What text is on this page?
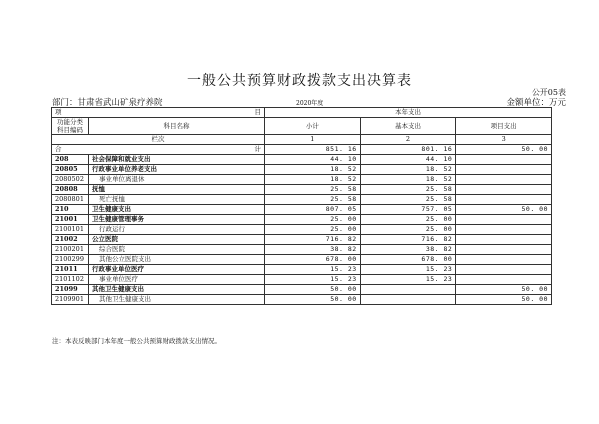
一般公共预算财政拨款支出决算表
公开05表
部门：甘肃省武山矿泉疗养院	2020年度	金额单位：万元
项 目		本年支出		
功能分类
科目编码	科目名称	小计	基本支出	项目支出
栏次		1	2	3
合 计		851. 16	801. 16	50. 00
208	社会保障和就业支出	44. 10	44. 10	
20805	行政事业单位养老支出	18. 52	18. 52	
2080502	事业单位离退休	18. 52	18. 52	
20808	抚恤	25. 58	25. 58	
2080801	死亡抚恤	25. 58	25. 58	
210	卫生健康支出	807. 05	757. 05	50. 00
21001	卫生健康管理事务	25. 00	25. 00	
2100101	行政运行	25. 00	25. 00	
21002	公立医院	716. 82	716. 82	
2100201	综合医院	38. 82	38. 82	
2100299	其他公立医院支出	678. 00	678. 00	
21011	行政事业单位医疗	15. 23	15. 23	
2101102	事业单位医疗	15. 23	15. 23	
21099	其他卫生健康支出	50. 00		50. 00
2109901	其他卫生健康支出	50. 00		50. 00
注：本表反映部门本年度一般公共预算财政拨款支出情况。
